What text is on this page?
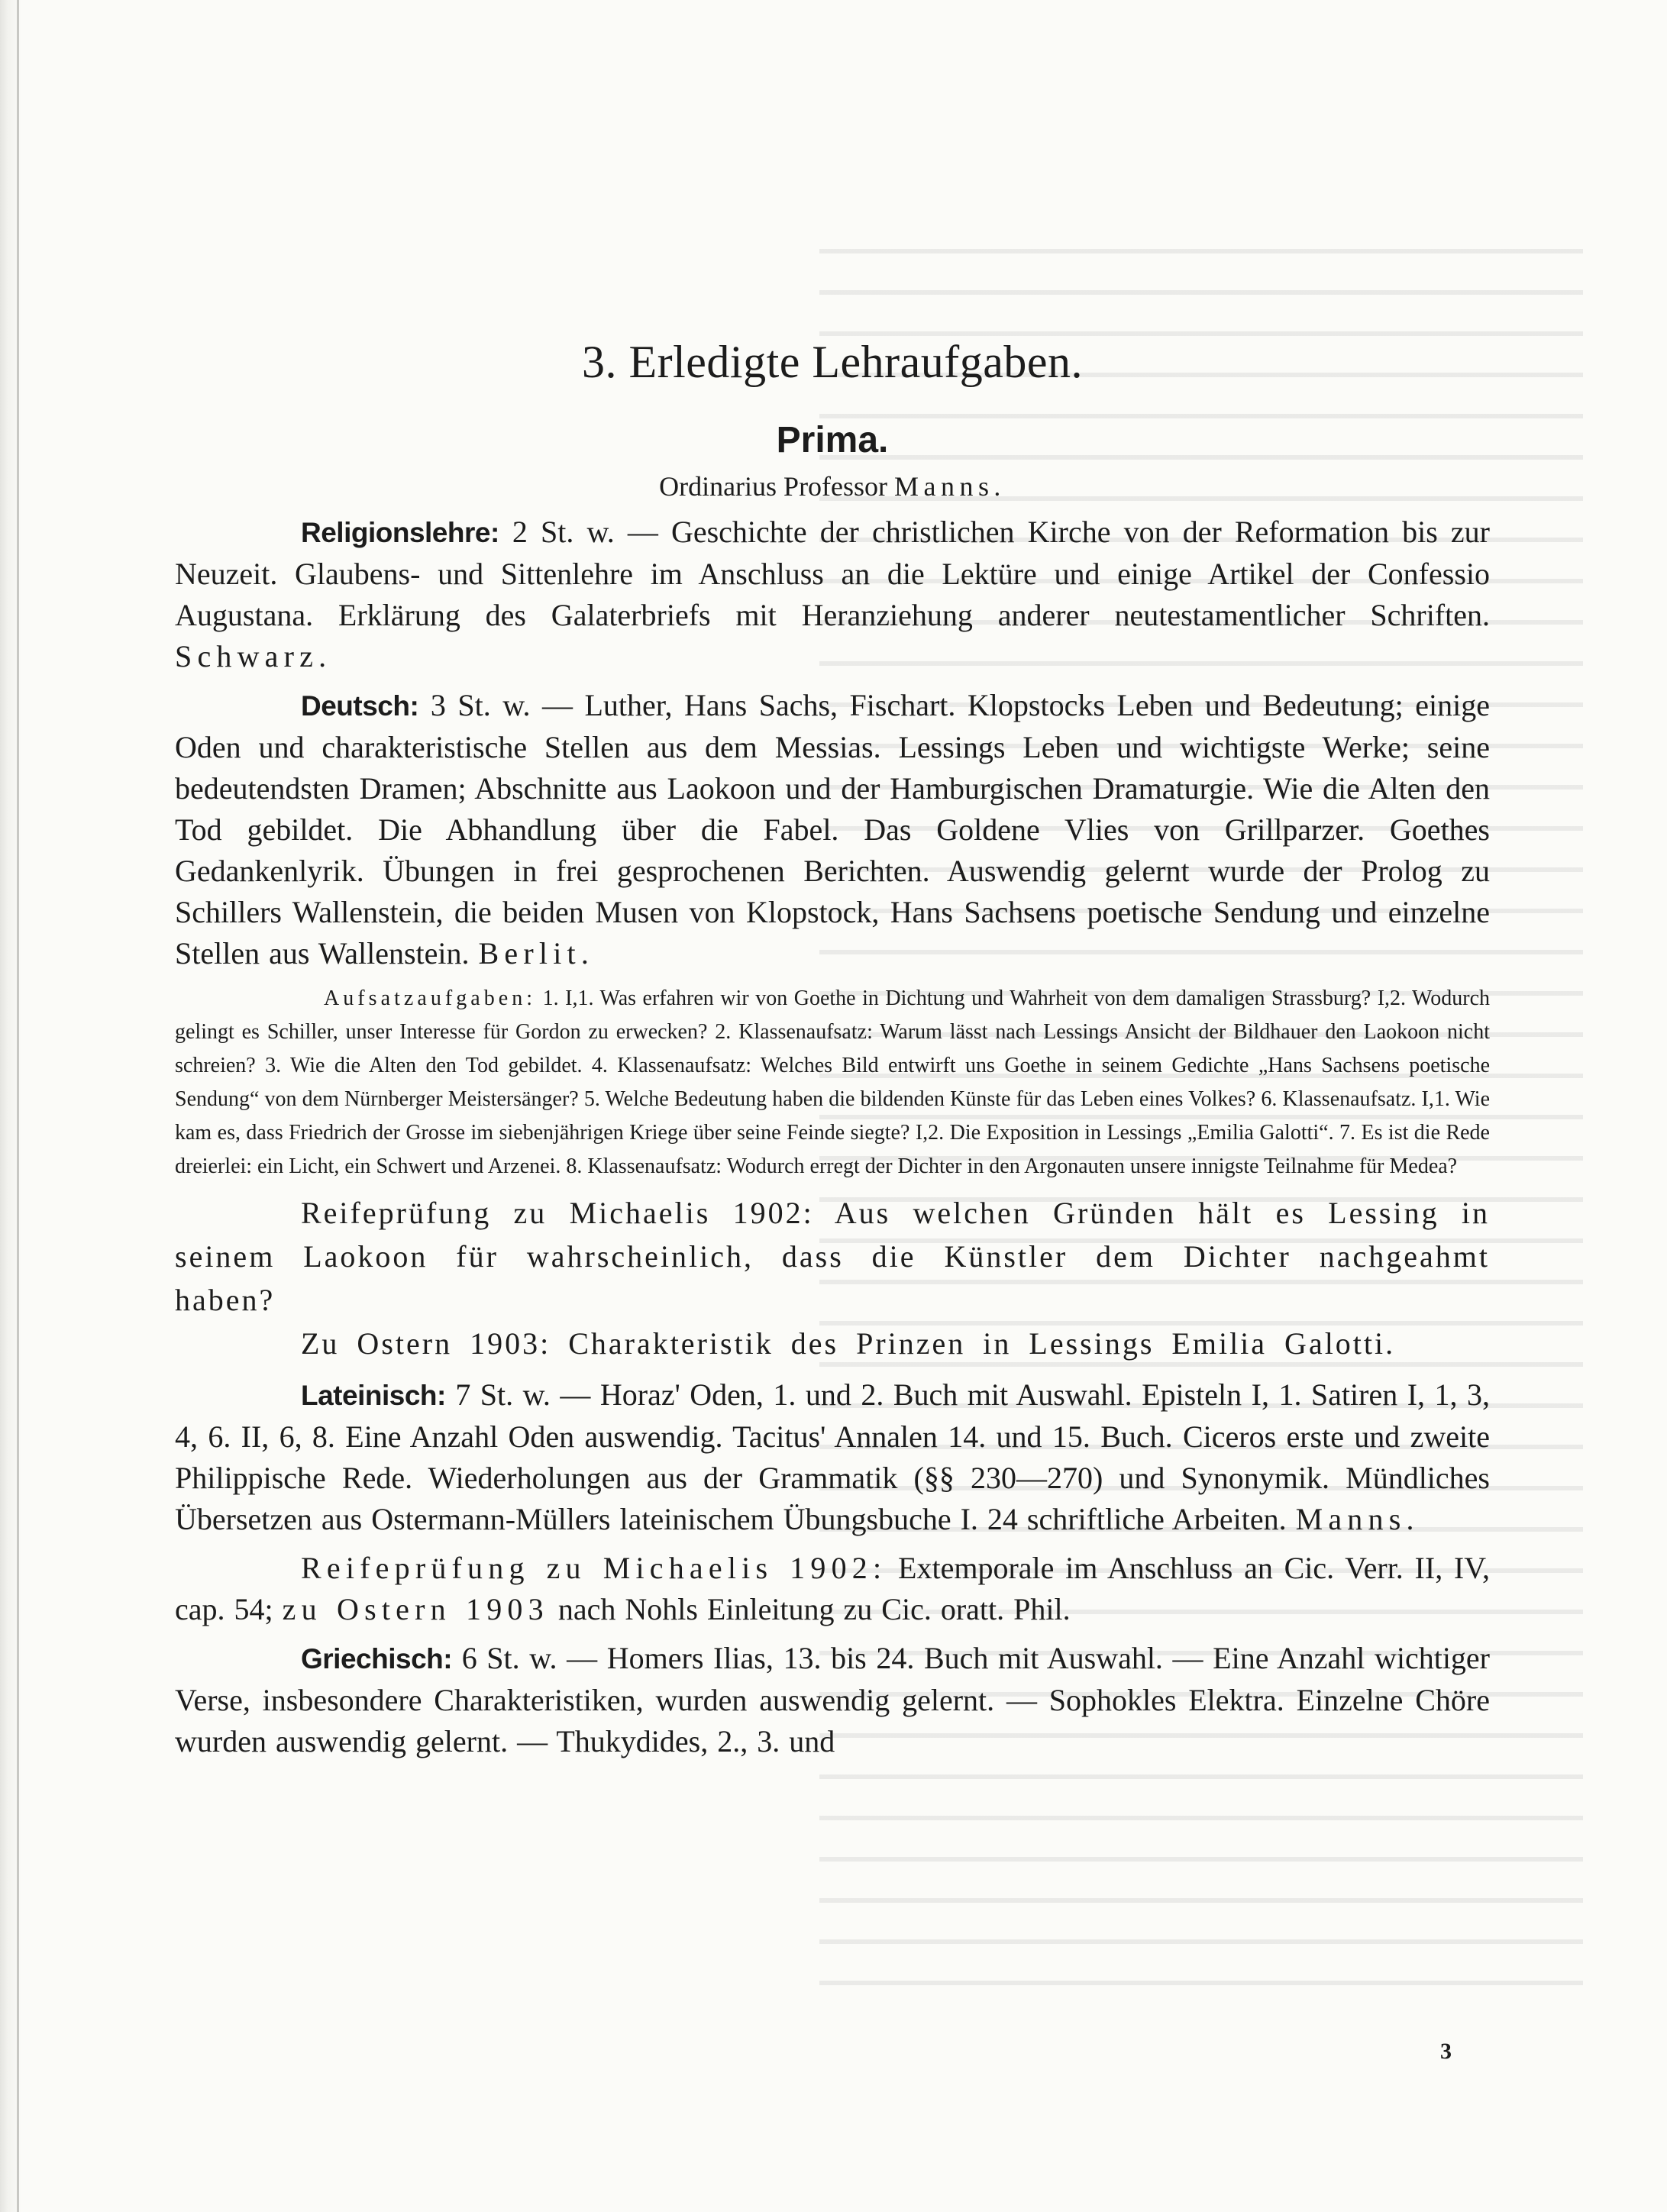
3. Erledigte Lehraufgaben.
Prima.
Ordinarius Professor Manns.

Religionslehre: 2 St. w. — Geschichte der christlichen Kirche von der Reformation bis zur Neuzeit. Glaubens- und Sittenlehre im Anschluss an die Lektüre und einige Artikel der Confessio Augustana. Erklärung des Galaterbriefs mit Heranziehung anderer neutestamentlicher Schriften. Schwarz.

Deutsch: 3 St. w. — Luther, Hans Sachs, Fischart. Klopstocks Leben und Bedeutung; einige Oden und charakteristische Stellen aus dem Messias. Lessings Leben und wichtigste Werke; seine bedeutendsten Dramen; Abschnitte aus Laokoon und der Hamburgischen Dramaturgie. Wie die Alten den Tod gebildet. Die Abhandlung über die Fabel. Das Goldene Vlies von Grillparzer. Goethes Gedankenlyrik. Übungen in frei gesprochenen Berichten. Auswendig gelernt wurde der Prolog zu Schillers Wallenstein, die beiden Musen von Klopstock, Hans Sachsens poetische Sendung und einzelne Stellen aus Wallenstein. Berlit.

Aufsatzaufgaben: 1. I,1. Was erfahren wir von Goethe in Dichtung und Wahrheit von dem damaligen Strassburg? I,2. Wodurch gelingt es Schiller, unser Interesse für Gordon zu erwecken? 2. Klassenaufsatz: Warum lässt nach Lessings Ansicht der Bildhauer den Laokoon nicht schreien? 3. Wie die Alten den Tod gebildet. 4. Klassenaufsatz: Welches Bild entwirft uns Goethe in seinem Gedichte „Hans Sachsens poetische Sendung“ von dem Nürnberger Meistersänger? 5. Welche Bedeutung haben die bildenden Künste für das Leben eines Volkes? 6. Klassenaufsatz. I,1. Wie kam es, dass Friedrich der Grosse im siebenjährigen Kriege über seine Feinde siegte? I,2. Die Exposition in Lessings „Emilia Galotti“. 7. Es ist die Rede dreierlei: ein Licht, ein Schwert und Arzenei. 8. Klassenaufsatz: Wodurch erregt der Dichter in den Argonauten unsere innigste Teilnahme für Medea?

Reifeprüfung zu Michaelis 1902: Aus welchen Gründen hält es Lessing in seinem Laokoon für wahrscheinlich, dass die Künstler dem Dichter nachgeahmt haben?

Zu Ostern 1903: Charakteristik des Prinzen in Lessings Emilia Galotti.

Lateinisch: 7 St. w. — Horaz' Oden, 1. und 2. Buch mit Auswahl. Episteln I, 1. Satiren I, 1, 3, 4, 6. II, 6, 8. Eine Anzahl Oden auswendig. Tacitus' Annalen 14. und 15. Buch. Ciceros erste und zweite Philippische Rede. Wiederholungen aus der Grammatik (§§ 230—270) und Synonymik. Mündliches Übersetzen aus Ostermann-Müllers lateinischem Übungsbuche I. 24 schriftliche Arbeiten. Manns.

Reifeprüfung zu Michaelis 1902: Extemporale im Anschluss an Cic. Verr. II, IV, cap. 54; zu Ostern 1903 nach Nohls Einleitung zu Cic. oratt. Phil.

Griechisch: 6 St. w. — Homers Ilias, 13. bis 24. Buch mit Auswahl. — Eine Anzahl wichtiger Verse, insbesondere Charakteristiken, wurden auswendig gelernt. — Sophokles Elektra. Einzelne Chöre wurden auswendig gelernt. — Thukydides, 2., 3. und

3
